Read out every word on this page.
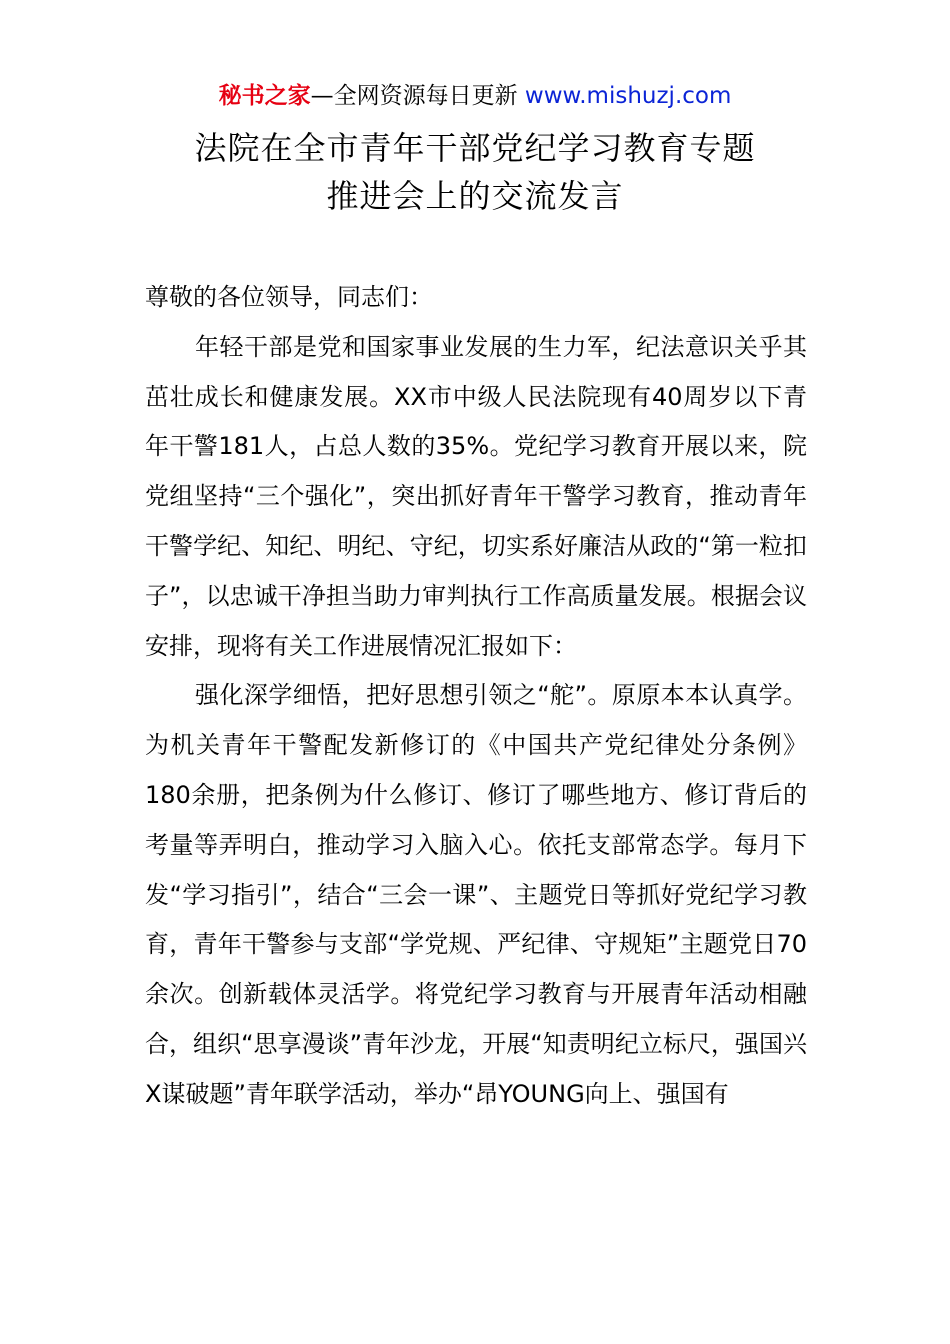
秘书之家—全网资源每日更新 www.mishuzj.com
法院在全市青年干部党纪学习教育专题
推进会上的交流发言

尊敬的各位领导，同志们：

年轻干部是党和国家事业发展的生力军，纪法意识关乎其茁壮成长和健康发展。XX市中级人民法院现有40周岁以下青年干警181人，占总人数的35%。党纪学习教育开展以来，院党组坚持“三个强化”，突出抓好青年干警学习教育，推动青年干警学纪、知纪、明纪、守纪，切实系好廉洁从政的“第一粒扣子”，以忠诚干净担当助力审判执行工作高质量发展。根据会议安排，现将有关工作进展情况汇报如下：

强化深学细悟，把好思想引领之“舵”。原原本本认真学。为机关青年干警配发新修订的《中国共产党纪律处分条例》180余册，把条例为什么修订、修订了哪些地方、修订背后的考量等弄明白，推动学习入脑入心。依托支部常态学。每月下发“学习指引”，结合“三会一课”、主题党日等抓好党纪学习教育，青年干警参与支部“学党规、严纪律、守规矩”主题党日70余次。创新载体灵活学。将党纪学习教育与开展青年活动相融合，组织“思享漫谈”青年沙龙，开展“知责明纪立标尺，强国兴X谋破题”青年联学活动，举办“昂YOUNG向上、强国有
